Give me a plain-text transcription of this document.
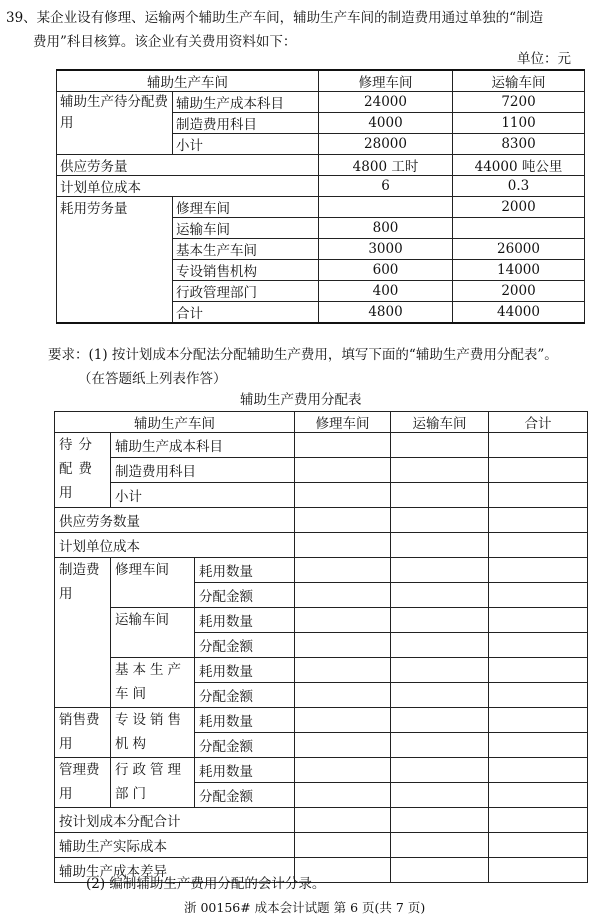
39、某企业设有修理、运输两个辅助生产车间，辅助生产车间的制造费用通过单独的“制造
费用”科目核算。该企业有关费用资料如下：
单位：元
辅助生产车间		修理车间	运输车间
辅助生产待分配费用	辅助生产成本科目	24000	7200
	制造费用科目	4000	1100
	小计	28000	8300
供应劳务量		4800 工时	44000 吨公里
计划单位成本		6	0.3
耗用劳务量	修理车间		2000
	运输车间	800	
	基本生产车间	3000	26000
	专设销售机构	600	14000
	行政管理部门	400	2000
	合计	4800	44000
要求：(1) 按计划成本分配法分配辅助生产费用，填写下面的“辅助生产费用分配表”。
（在答题纸上列表作答）
辅助生产费用分配表
辅助生产车间			修理车间	运输车间	合计
待分配费用	辅助生产成本科目				
	制造费用科目				
	小计				
供应劳务数量					
计划单位成本					
制造费用	修理车间	耗用数量			
		分配金额			
	运输车间	耗用数量			
		分配金额			
	基本生产车间	耗用数量			
		分配金额			
销售费用	专设销售机构	耗用数量			
		分配金额			
管理费用	行政管理部门	耗用数量			
		分配金额			
按计划成本分配合计					
辅助生产实际成本					
辅助生产成本差异					
(2) 编制辅助生产费用分配的会计分录。
浙 00156# 成本会计试题 第 6 页(共 7 页)
